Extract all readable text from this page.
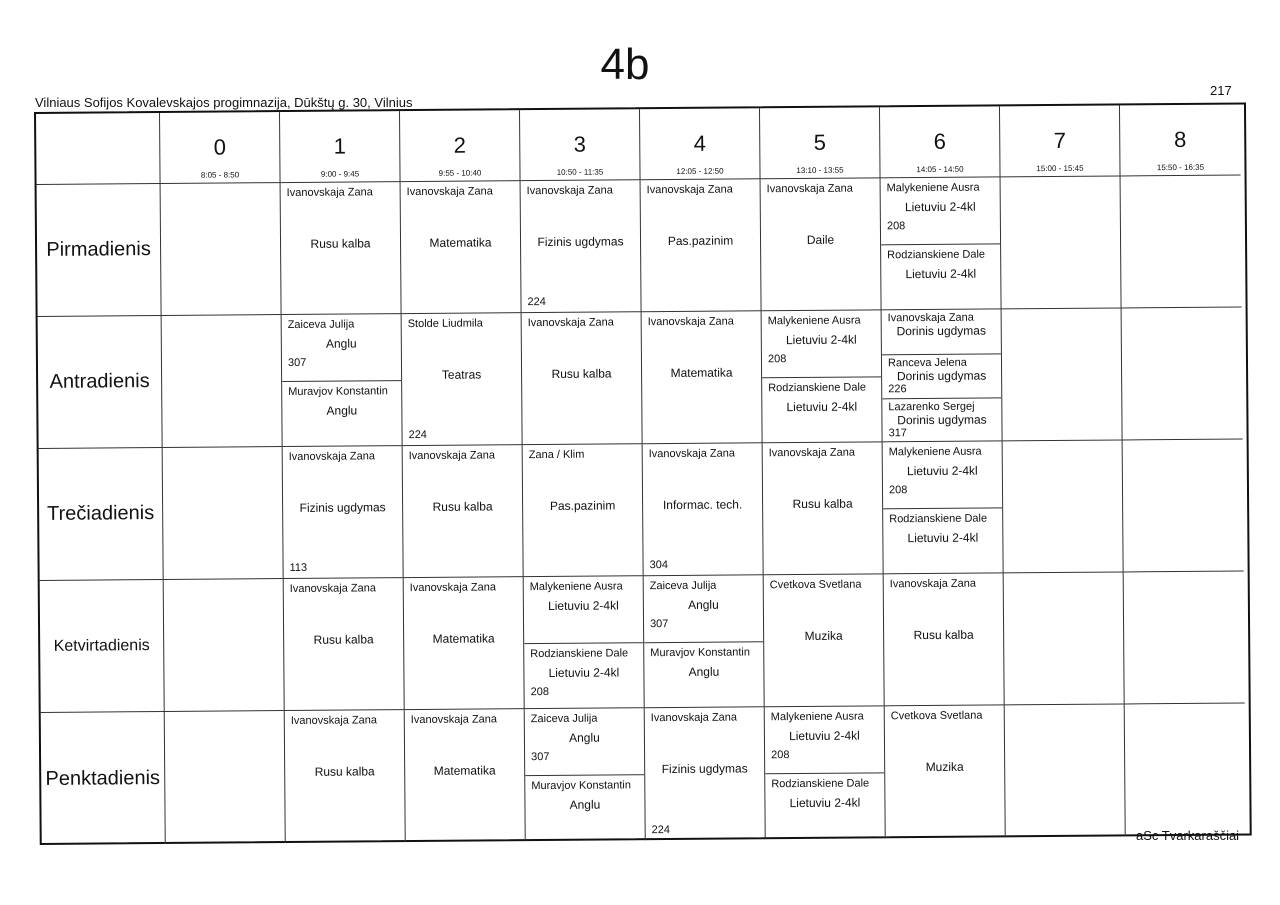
4b
Vilniaus Sofijos Kovalevskajos progimnazija, Dūkštų g. 30, Vilnius
217
0
8:05 - 8:50
1
9:00 - 9:45
2
9:55 - 10:40
3
10:50 - 11:35
4
12:05 - 12:50
5
13:10 - 13:55
6
14:05 - 14:50
7
15:00 - 15:45
8
15:50 - 16:35
Pirmadienis
Ivanovskaja Zana
Rusu kalba
Ivanovskaja Zana
Matematika
Ivanovskaja Zana
Fizinis ugdymas
224
Ivanovskaja Zana
Pas.pazinim
Ivanovskaja Zana
Daile
Malykeniene Ausra
Lietuviu 2-4kl
208
Rodzianskiene Dale
Lietuviu 2-4kl
Antradienis
Zaiceva Julija
Anglu
307
Muravjov Konstantin
Anglu
Stolde Liudmila
Teatras
224
Ivanovskaja Zana
Rusu kalba
Ivanovskaja Zana
Matematika
Malykeniene Ausra
Lietuviu 2-4kl
208
Rodzianskiene Dale
Lietuviu 2-4kl
Ivanovskaja Zana
Dorinis ugdymas
Ranceva Jelena
Dorinis ugdymas
226
Lazarenko Sergej
Dorinis ugdymas
317
Trečiadienis
Ivanovskaja Zana
Fizinis ugdymas
113
Ivanovskaja Zana
Rusu kalba
Zana / Klim
Pas.pazinim
Ivanovskaja Zana
Informac. tech.
304
Ivanovskaja Zana
Rusu kalba
Malykeniene Ausra
Lietuviu 2-4kl
208
Rodzianskiene Dale
Lietuviu 2-4kl
Ketvirtadienis
Ivanovskaja Zana
Rusu kalba
Ivanovskaja Zana
Matematika
Malykeniene Ausra
Lietuviu 2-4kl
Rodzianskiene Dale
Lietuviu 2-4kl
208
Zaiceva Julija
Anglu
307
Muravjov Konstantin
Anglu
Cvetkova Svetlana
Muzika
Ivanovskaja Zana
Rusu kalba
Penktadienis
Ivanovskaja Zana
Rusu kalba
Ivanovskaja Zana
Matematika
Zaiceva Julija
Anglu
307
Muravjov Konstantin
Anglu
Ivanovskaja Zana
Fizinis ugdymas
224
Malykeniene Ausra
Lietuviu 2-4kl
208
Rodzianskiene Dale
Lietuviu 2-4kl
Cvetkova Svetlana
Muzika
aSc Tvarkaraščiai
